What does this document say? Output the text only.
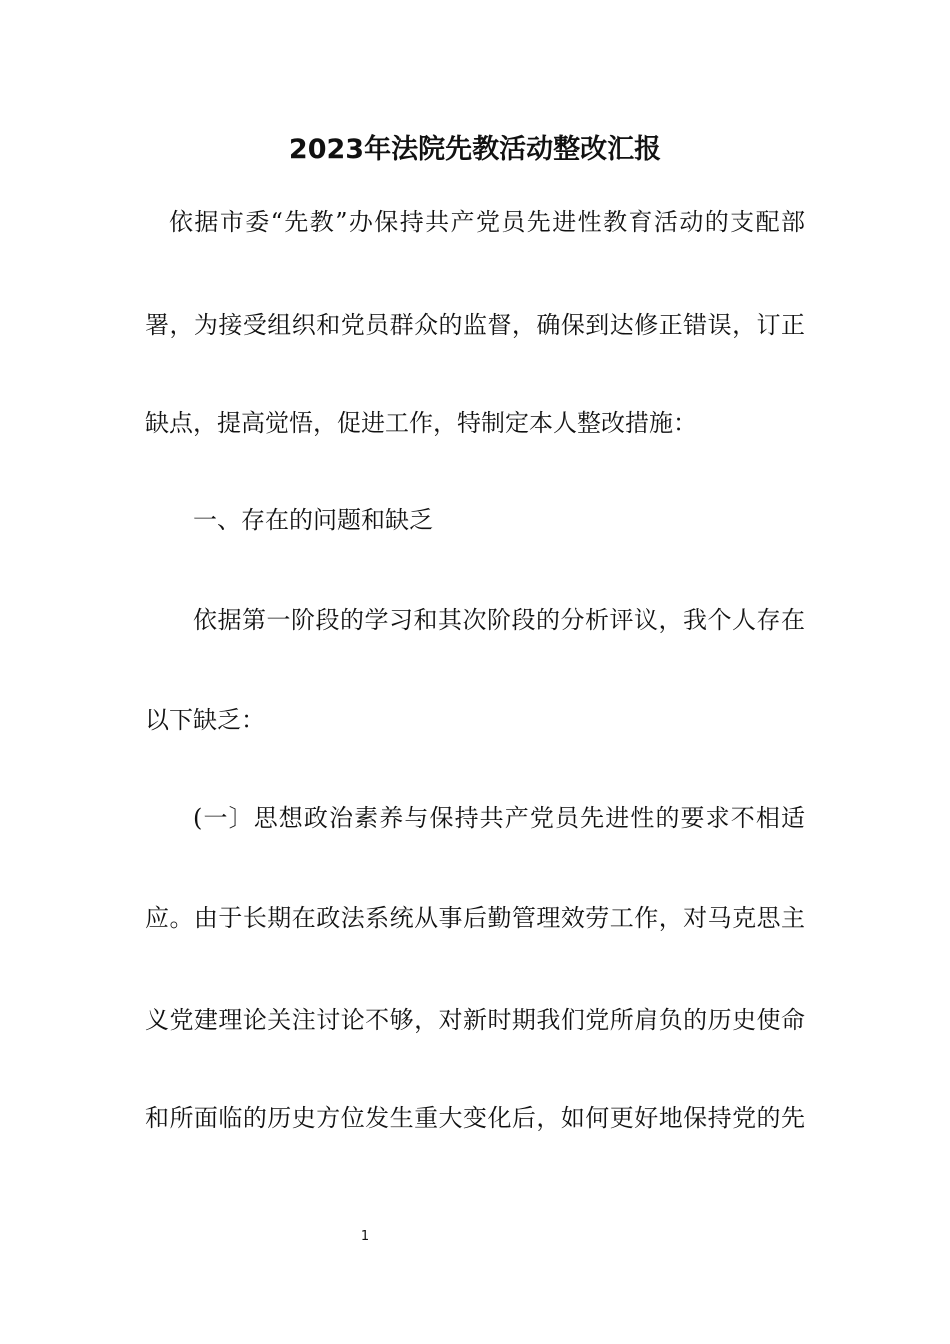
2023年法院先教活动整改汇报

依据市委“先教”办保持共产党员先进性教育活动的支配部

署，为接受组织和党员群众的监督，确保到达修正错误，订正

缺点，提高觉悟，促进工作，特制定本人整改措施：

一、存在的问题和缺乏

依据第一阶段的学习和其次阶段的分析评议，我个人存在

以下缺乏：

(一〕思想政治素养与保持共产党员先进性的要求不相适

应。由于长期在政法系统从事后勤管理效劳工作，对马克思主

义党建理论关注讨论不够，对新时期我们党所肩负的历史使命

和所面临的历史方位发生重大变化后，如何更好地保持党的先

1
